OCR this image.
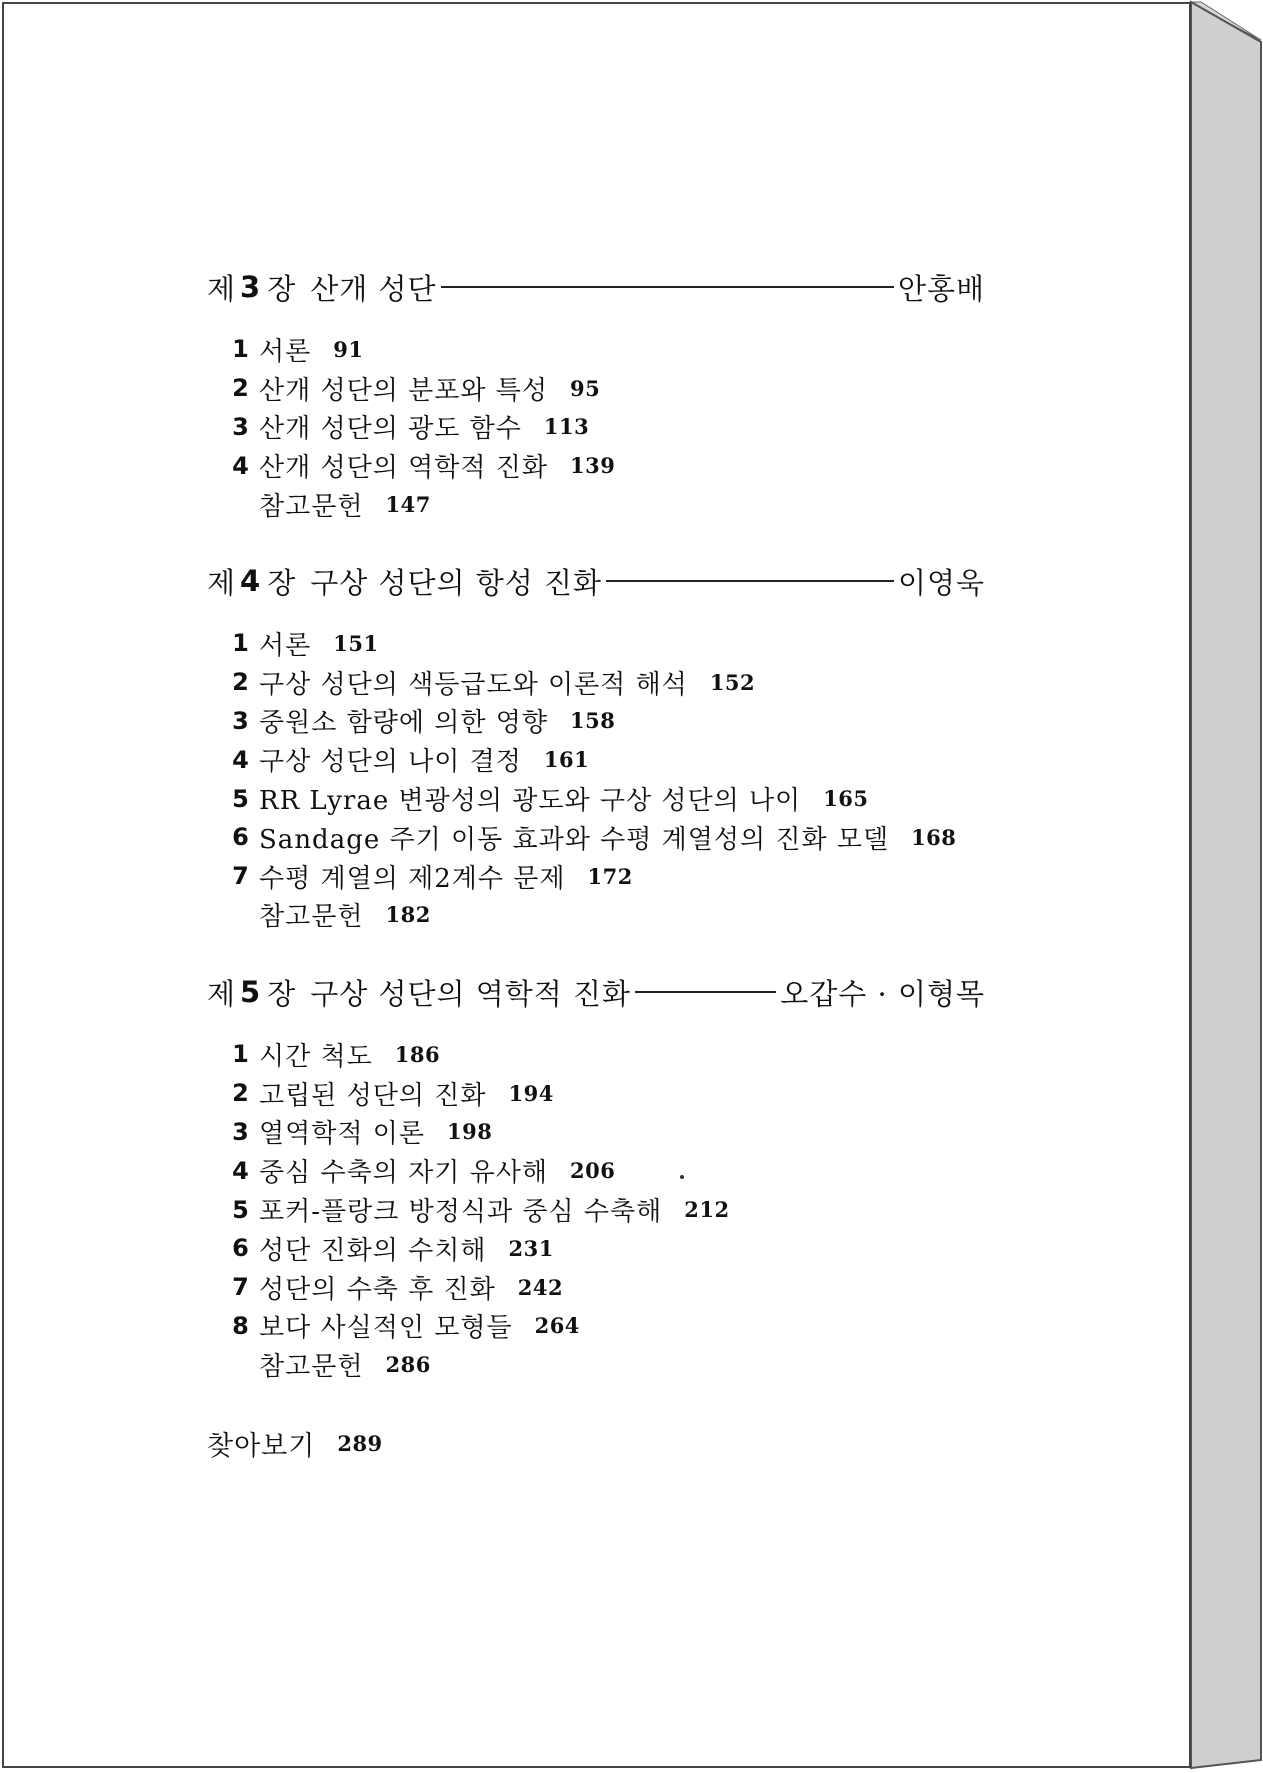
제 3 장 산개 성단	안홍배
1 서론 91
2 산개 성단의 분포와 특성 95
3 산개 성단의 광도 함수 113
4 산개 성단의 역학적 진화 139
참고문헌 147
제 4 장 구상 성단의 항성 진화	이영욱
1 서론 151
2 구상 성단의 색등급도와 이론적 해석 152
3 중원소 함량에 의한 영향 158
4 구상 성단의 나이 결정 161
5 RR Lyrae 변광성의 광도와 구상 성단의 나이 165
6 Sandage 주기 이동 효과와 수평 계열성의 진화 모델 168
7 수평 계열의 제2계수 문제 172
참고문헌 182
제 5 장 구상 성단의 역학적 진화	오갑수 · 이형목
1 시간 척도 186
2 고립된 성단의 진화 194
3 열역학적 이론 198
4 중심 수축의 자기 유사해 206
5 포커-플랑크 방정식과 중심 수축해 212
6 성단 진화의 수치해 231
7 성단의 수축 후 진화 242
8 보다 사실적인 모형들 264
참고문헌 286
찾아보기 289
